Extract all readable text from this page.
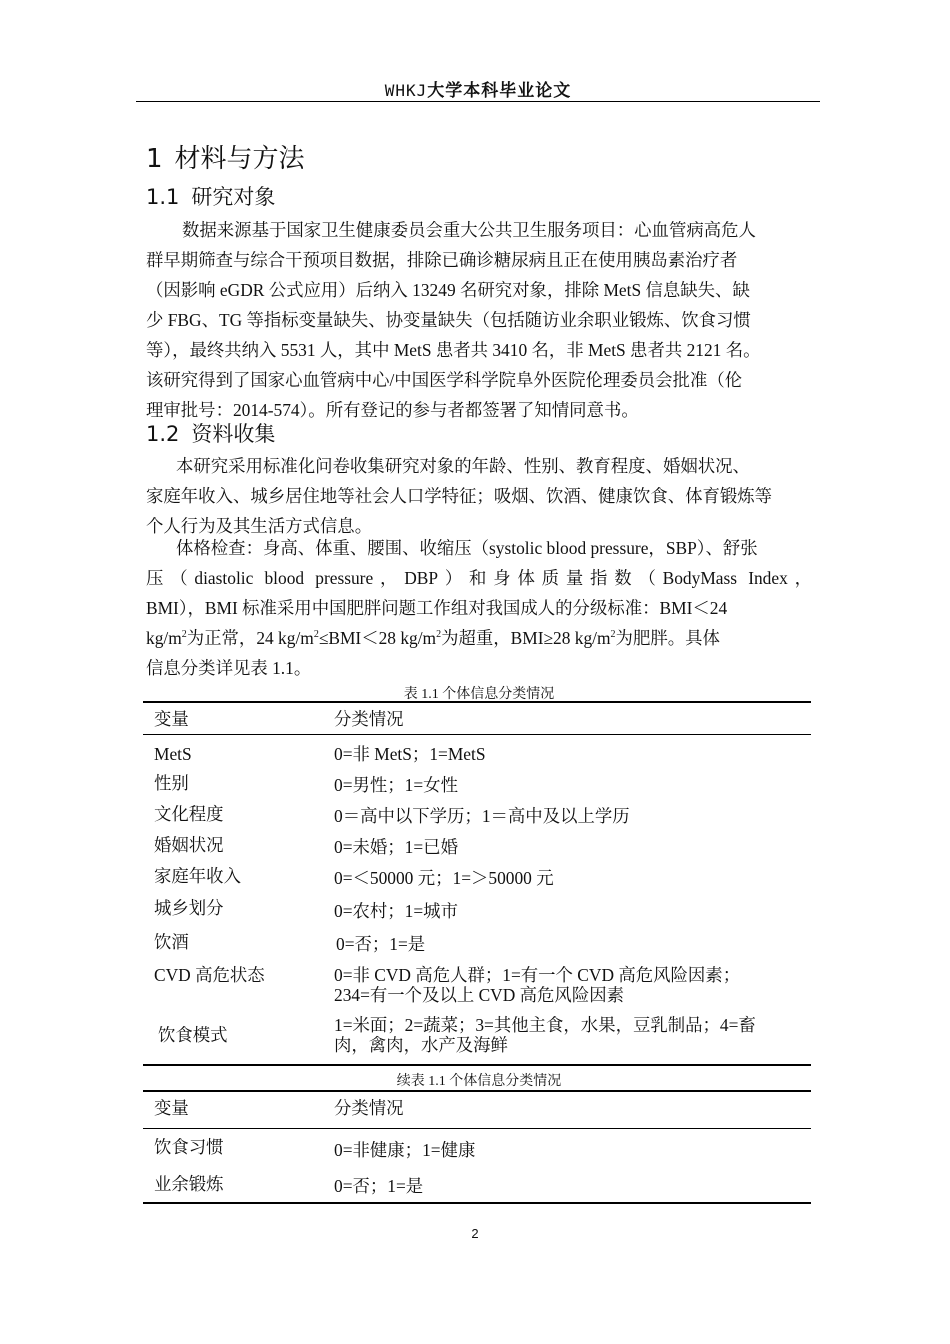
WHKJ大学本科毕业论文
1 材料与方法
1.1 研究对象
数据来源基于国家卫生健康委员会重大公共卫生服务项目：心血管病高危人
群早期筛查与综合干预项目数据，排除已确诊糖尿病且正在使用胰岛素治疗者
（因影响 eGDR 公式应用）后纳入 13249 名研究对象，排除 MetS 信息缺失、缺
少 FBG、TG 等指标变量缺失、协变量缺失（包括随访业余职业锻炼、饮食习惯
等），最终共纳入 5531 人，其中 MetS 患者共 3410 名，非 MetS 患者共 2121 名。
该研究得到了国家心血管病中心/中国医学科学院阜外医院伦理委员会批准（伦
理审批号：2014-574）。所有登记的参与者都签署了知情同意书。
1.2 资料收集
本研究采用标准化问卷收集研究对象的年龄、性别、教育程度、婚姻状况、
家庭年收入、城乡居住地等社会人口学特征；吸烟、饮酒、健康饮食、体育锻炼等
个人行为及其生活方式信息。
体格检查：身高、体重、腰围、收缩压（systolic blood pressure，SBP）、舒张
压（diastolic blood pressure，DBP）和身体质量指数（BodyMass Index，
BMI），BMI 标准采用中国肥胖问题工作组对我国成人的分级标准：BMI＜24
$kg/m^2$为正常，24 $kg/m^2\le BMI<28$ $kg/m^2$为超重，BMI≥28 $kg/m^2$为肥胖。具体
信息分类详见表 1.1。
表 1.1 个体信息分类情况
变量	分类情况
MetS	0=非 MetS；1=MetS
性别	0=男性；1=女性
文化程度	0＝高中以下学历；1＝高中及以上学历
婚姻状况	0=未婚；1=已婚
家庭年收入	0=＜50000 元；1=＞50000 元
城乡划分	0=农村；1=城市
饮酒	0=否；1=是
CVD 高危状态	0=非 CVD 高危人群；1=有一个 CVD 高危风险因素；
234=有一个及以上 CVD 高危风险因素
饮食模式	1=米面；2=蔬菜；3=其他主食，水果，豆乳制品；4=畜
肉，禽肉，水产及海鲜
续表 1.1 个体信息分类情况
变量	分类情况
饮食习惯	0=非健康；1=健康
业余锻炼	0=否；1=是
2
